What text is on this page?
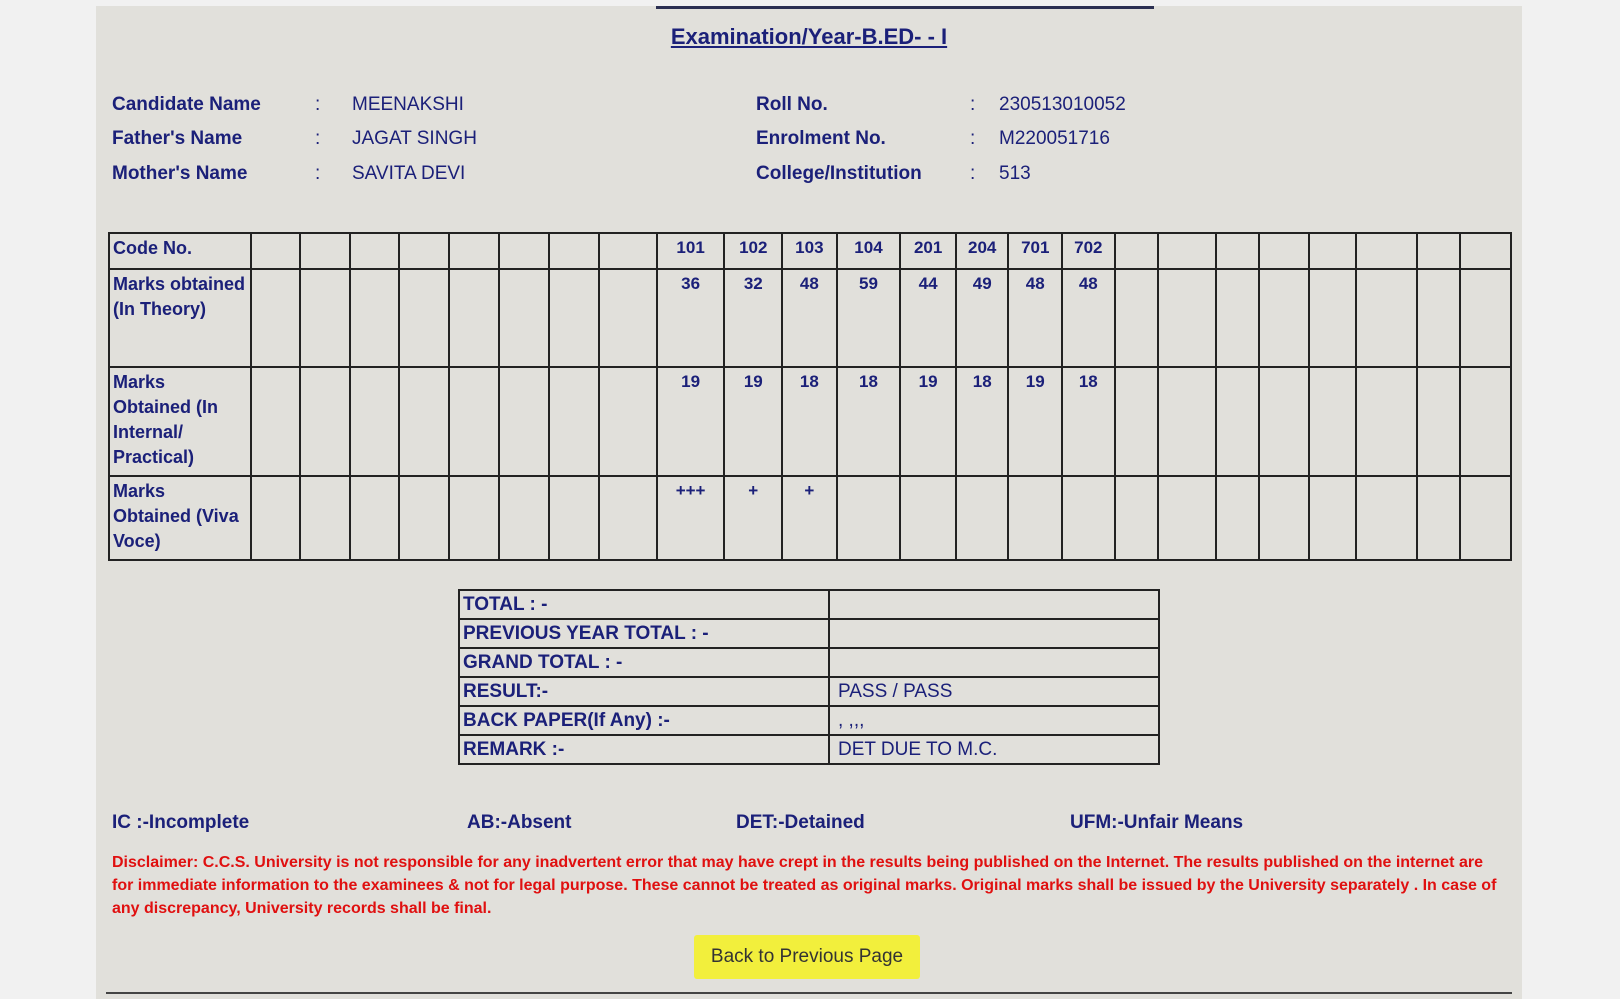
Examination/Year-B.ED- - I
Candidate Name	: MEENAKSHI
Father's Name	: JAGAT SINGH
Mother's Name	: SAVITA DEVI
Roll No.	: 230513010052
Enrolment No.	: M220051716
College/Institution	: 513
Code No.									101	102	103	104	201	204	701	702								
Marks obtained (In Theory)									36	32	48	59	44	49	48	48								
Marks Obtained (In Internal/ Practical)									19	19	18	18	19	18	19	18								
Marks Obtained (Viva Voce)									+++	+	+													
TOTAL : -	
PREVIOUS YEAR TOTAL : -	
GRAND TOTAL : -	
RESULT:-	PASS / PASS
BACK PAPER(If Any) :-	, ,,,
REMARK :-	DET DUE TO M.C.
IC :-Incomplete	AB:-Absent	DET:-Detained	UFM:-Unfair Means
Disclaimer: C.C.S. University is not responsible for any inadvertent error that may have crept in the results being published on the Internet. The results published on the internet are for immediate information to the examinees & not for legal purpose. These cannot be treated as original marks. Original marks shall be issued by the University separately . In case of any discrepancy, University records shall be final.
Back to Previous Page
